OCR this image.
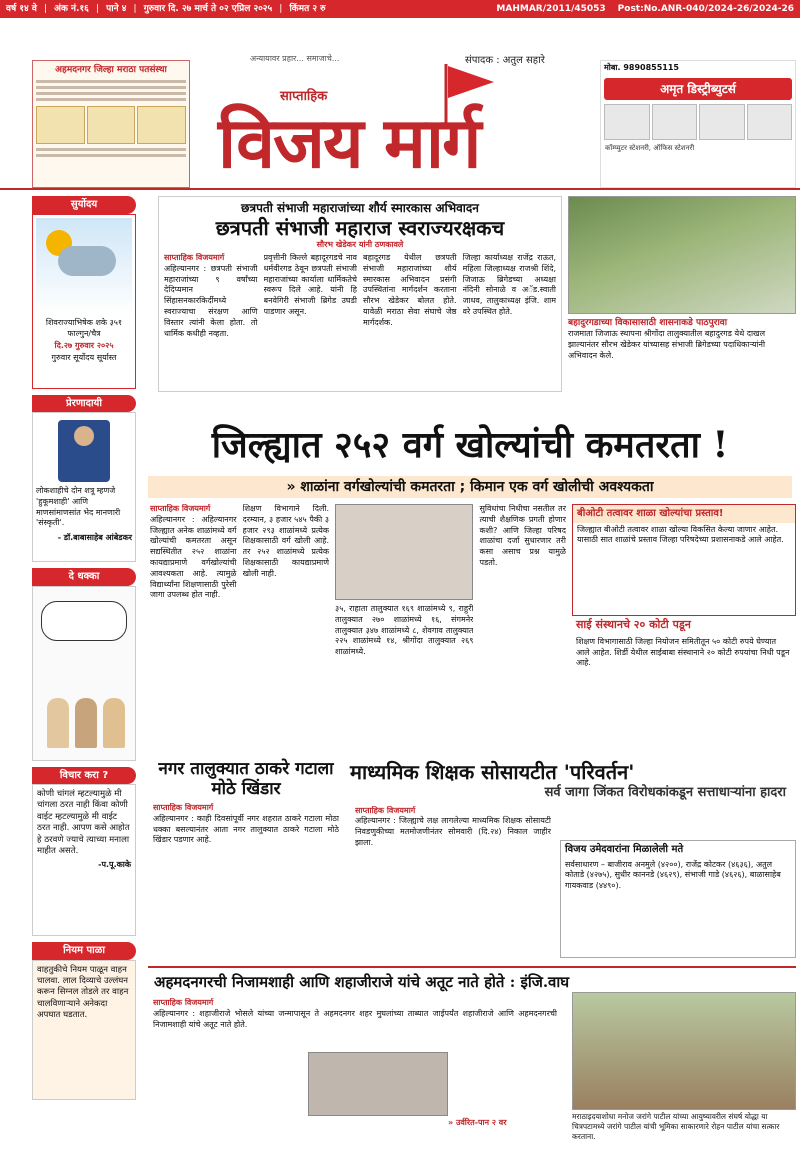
वर्ष १४ वे | अंक नं.१६ | पाने ४ | गुरुवार दि. २७ मार्च ते ०२ एप्रिल २०२५ | किंमत २ रु	MAHMAR/2011/45053	Post:No.ANR-040/2024-26/2024-26
अहमदनगर जिल्हा मराठा पतसंस्था
अन्यायावर प्रहार... समाजाचे...	संपादक : अतुल सहारे
साप्ताहिक
विजय मार्ग
मोबा. 9890855115
अमृत डिस्ट्रीब्युटर्स
कॉम्प्युटर स्टेशनरी, ऑफिस स्टेशनरी
सुर्योदय

शिवराज्याभिषेक शके ३५१

फाल्गुन/चैत्र

दि.२७ गुरुवार २०२५

गुरुवार सूर्योदय सूर्यास्त

प्रेरणादायी

लोकशाहीचे दोन शत्रू म्हणजे 'हुकूमशाही' आणि माणसांमाणसांत भेद मानणारी 'संस्कृती'.

- डॉ.बाबासाहेब आंबेडकर

दे धक्का
विचार करा ?

कोणी चांगलं म्हटल्यामुळे मी चांगला ठरत नाही किंवा कोणी वाईट म्हटल्यामुळे मी वाईट ठरत नाही. आपण कसे आहोत हे ठरवणे ज्याचे त्याच्या मनाला माहीत असते.

-प.पू.काके

नियम पाळा

वाहतुकीचे नियम पाळून वाहन चालवा. लाल दिव्याचे उल्लंघन करून सिग्नल तोडले तर वाहन चालविणाऱ्याने अनेकदा अपघात घडतात.

छत्रपती संभाजी महाराजांच्या शौर्य स्मारकास अभिवादन
छत्रपती संभाजी महाराज स्वराज्यरक्षकच
सौरभ खेडेकर यांनी ठणकावले

साप्ताहिक विजयमार्ग

अहिल्यानगर : छत्रपती संभाजी महाराजांच्या ९ वर्षांच्या देदिप्यमान सिंहासनकारकिर्दीमध्ये स्वराज्याचा संरक्षण आणि विस्तार त्यांनी केला होता. तो धार्मिक कधीही नव्हता.

प्रवृत्तीनी किल्ले बहादूरगडचे नाव धर्मवीरगड ठेवून छत्रपती संभाजी महाराजांच्या कार्याला धार्मिकतेचे स्वरूप दिले आहे. यांनी हि बनवेगिरी संभाजी ब्रिगेड उघडी पाडणार असून.

बहादूरगड येथील छत्रपती संभाजी महाराजांच्या शौर्य स्मारकास अभिवादन प्रसंगी उपस्थितांना मार्गदर्शन करताना सौरभ खेडेकर बोलत होते. यावेळी मराठा सेवा संघाचे जेष्ठ मार्गदर्शक.

जिल्हा कार्याध्यक्ष राजेंद्र राऊत, महिला जिल्हाध्यक्ष राजश्री शिंदे, जिजाऊ ब्रिगेडच्या अध्यक्षा नंदिनी सोनाळे व अॅड.स्वाती जाधव, तालुकाध्यक्ष इंजि. शाम वरे उपस्थित होते.

बहादुरगडाच्या विकासासाठी शासनाकडे पाठपुरावा

राजमाता जिजाऊ स्थापना श्रीगोंदा तालुक्यातील बहादुरगड येथे दाखल झाल्यानंतर सौरभ खेडेकर यांच्यासह संभाजी ब्रिगेडच्या पदाधिकाऱ्यांनी अभिवादन केले.

जिल्ह्यात २५२ वर्ग खोल्यांची कमतरता !
» शाळांना वर्गखोल्यांची कमतरता ; किमान एक वर्ग खोलीची अवश्यकता

साप्ताहिक विजयमार्ग

अहिल्यानगर : अहिल्यानगर जिल्ह्यात अनेक शाळांमध्ये वर्ग खोल्यांची कमतरता असून सद्यस्थितीत २५२ शाळांना कायद्याप्रमाणे वर्गखोल्यांची आवश्यकता आहे. त्यामुळे विद्यार्थ्यांना शिक्षणासाठी पुरेसी जागा उपलब्ध होत नाही.

शिक्षण विभागाने दिली. दरम्यान, ३ हजार ५४५ पैकी ३ हजार २९३ शाळांमध्ये प्रत्येक शिक्षकासाठी वर्ग खोली आहे. तर २५२ शाळांमध्ये प्रत्येक शिक्षकासाठी कायद्याप्रमाणे खोली नाही.

३५, राहाता तालुक्यात १६९ शाळांमध्ये ९, राहुरी तालुक्यात २७० शाळांमध्ये १६, संगमनेर तालुक्यात ३४७ शाळांमध्ये ८, शेवगाव तालुक्यात २२५ शाळांमध्ये १४, श्रीगोंदा तालुक्यात २६९ शाळांमध्ये.

सुविधांचा निधीचा नसतील तर त्याची शैक्षणिक प्रगती होणार कशी? आणि जिल्हा परिषद शाळांचा दर्जा सुधारणार तरी कसा असाच प्रश्न यामुळे पडतो.

बीओटी तत्वावर शाळा खोल्यांचा प्रस्ताव!

जिल्ह्यात बीओटी तत्वावर शाळा खोल्या विकसित केल्या जाणार आहेत. यासाठी सात शाळांचे प्रस्ताव जिल्हा परिषदेच्या प्रशासनाकडे आले आहेत.

साई संस्थानचे २० कोटी पडून

शिक्षण विभागासाठी जिल्हा नियोजन समितीतून ५० कोटी रुपये घेण्यात आले आहेत. शिर्डी येथील साईबाबा संस्थानाने २० कोटी रुपयांचा निधी पडून आहे.

नगर तालुक्यात ठाकरे गटाला मोठे खिंडार

साप्ताहिक विजयमार्ग

अहिल्यानगर : काही दिवसांपूर्वी नगर शहरात ठाकरे गटाला मोठा धक्का बसल्यानंतर आता नगर तालुक्यात ठाकरे गटाला मोठे खिंडार पडणार आहे.

माध्यमिक शिक्षक सोसायटीत 'परिवर्तन'
सर्व जागा जिंकत विरोधकांकडून सत्ताधाऱ्यांना हादरा

साप्ताहिक विजयमार्ग

अहिल्यानगर : जिल्ह्याचे लक्ष लागलेल्या माध्यमिक शिक्षक सोसायटी निवडणुकीच्या मतमोजणीनंतर सोमवारी (दि.२४) निकाल जाहीर झाला.

विजय उमेदवारांना मिळालेली मते

सर्वसाधारण – बाजीराव अनमुले (४२००), राजेंद्र कोटकर (४६३६), अतुल कोताडे (४२७५), सुधीर काननडे (४६२९), संभाजी गाडे (४६२६), बाळासाहेब गायकवाड (४४९०).

अहमदनगरची निजामशाही आणि शहाजीराजे यांचे अतूट नाते होते : इंजि.वाघ

साप्ताहिक विजयमार्ग

अहिल्यानगर : शहाजीराजे भोसले यांच्या जन्मापासून ते अहमदनगर शहर मुघलांच्या ताब्यात जाईपर्यंत शहाजीराजे आणि अहमदनगरची निजामशाही यांचे अतूट नाते होते.

» उर्वरित-पान २ वर

मराठाइदयाशोधा मनोज जरांगे पाटील यांच्या आयुष्यावरील संघर्ष योद्धा या चित्रपटामध्ये जरांगे पाटील यांची भूमिका साकारणारे रोहन पाटील यांचा सत्कार करताना.
